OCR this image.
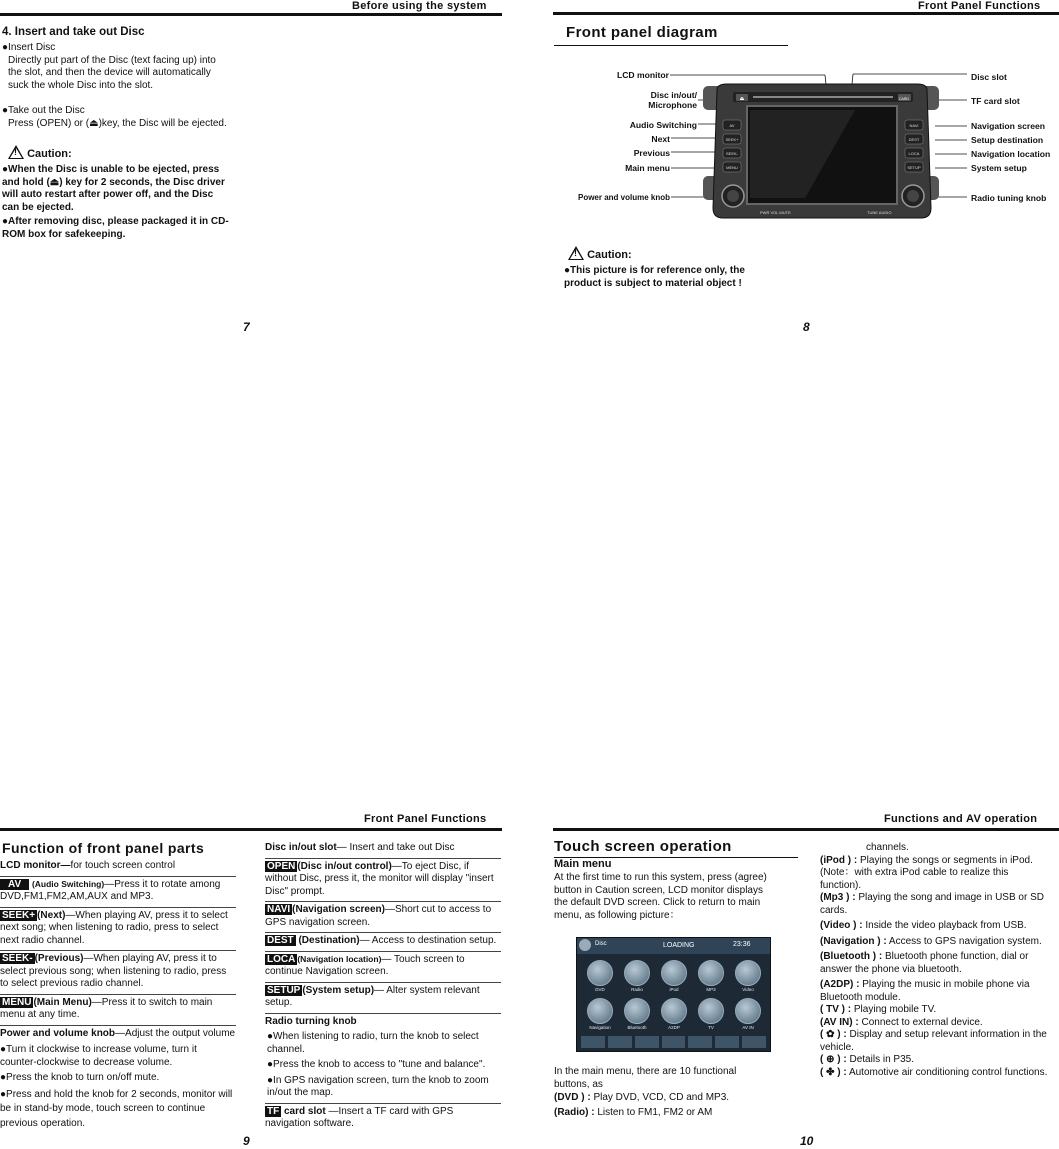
Before using the system
4. Insert and take out Disc

●Insert Disc

Directly put part of the Disc (text facing up) into the slot, and then the device will automatically suck the whole Disc into the slot.

●Take out the Disc

Press (OPEN) or (⏏)key, the Disc will be ejected.

! Caution:

●When the Disc is unable to be ejected, press and hold (⏏) key for 2 seconds, the Disc driver will auto restart after power off, and the Disc can be ejected.

●After removing disc, please packaged it in CD-ROM box for safekeeping.

7
Front Panel Functions
Front panel diagram
⏏	CARD
AV
SEEK+
SEEK-
MENU
NAVI
DEST
LOCA
SETUP
PWR VOL MUTE	TUNE AUDIO
LCD monitor
Disc in/out/
Microphone
Audio Switching
Next
Previous
Main menu
Power and volume knob
Disc slot
TF card slot
Navigation screen
Setup destination
Navigation location
System setup
Radio tuning knob
! Caution:
●This picture is for reference only, the product is subject to material object !
8
Front Panel Functions
Function of front panel parts
LCD monitor—for touch screen control
AV (Audio Switching)—Press it to rotate among DVD,FM1,FM2,AM,AUX and MP3.
SEEK+ (Next)—When playing AV, press it to select next song; when listening to radio, press to select next radio channel.
SEEK- (Previous)—When playing AV, press it to select previous song; when listening to radio, press to select previous radio channel.
MENU (Main Menu)—Press it to switch to main menu at any time.
Power and volume knob—Adjust the output volume

●Turn it clockwise to increase volume, turn it counter-clockwise to decrease volume.

●Press the knob to turn on/off mute.

●Press and hold the knob for 2 seconds, monitor will be in stand-by mode, touch screen to continue previous operation.

Disc in/out slot— Insert and take out Disc
OPEN (Disc in/out control)—To eject Disc, if without Disc, press it, the monitor will display "insert Disc" prompt.
NAVI (Navigation screen)—Short cut to access to GPS navigation screen.
DEST (Destination)— Access to destination setup.
LOCA (Navigation location)— Touch screen to continue Navigation screen.
SETUP (System setup)— Alter system relevant setup.
Radio turning knob

●When listening to radio, turn the knob to select channel.

●Press the knob to access to "tune and balance".

●In GPS navigation screen, turn the knob to zoom in/out the map.

TF card slot —Insert a TF card with GPS navigation software.
9
Functions and AV operation
Touch screen operation
Main menu
At the first time to run this system, press (agree) button in Caution screen, LCD monitor displays the default DVD screen. Click to return to main menu, as following picture：
Disc	LOADING	23:36
DVD	Radio	iPod	MP3	Video
Navigation	Bluetooth	A2DP	TV	AV IN
In the main menu, there are 10 functional buttons, as
(DVD ) : Play DVD, VCD, CD and MP3.
(Radio) : Listen to FM1, FM2 or AM

channels.

(iPod ) : Playing the songs or segments in iPod.(Note：with extra iPod cable to realize this function).

(Mp3 ) : Playing the song and image in USB or SD cards.

(Video ) : Inside the video playback from USB.

(Navigation ) : Access to GPS navigation system.

(Bluetooth ) : Bluetooth phone function, dial or answer the phone via bluetooth.

(A2DP) : Playing the music in mobile phone via Bluetooth module.

( TV ) : Playing mobile TV.

(AV IN) : Connect to external device.

( ✿ ) : Display and setup relevant information in the vehicle.

( ⊕ ) : Details in P35.

( ✤ ) : Automotive air conditioning control functions.

10
